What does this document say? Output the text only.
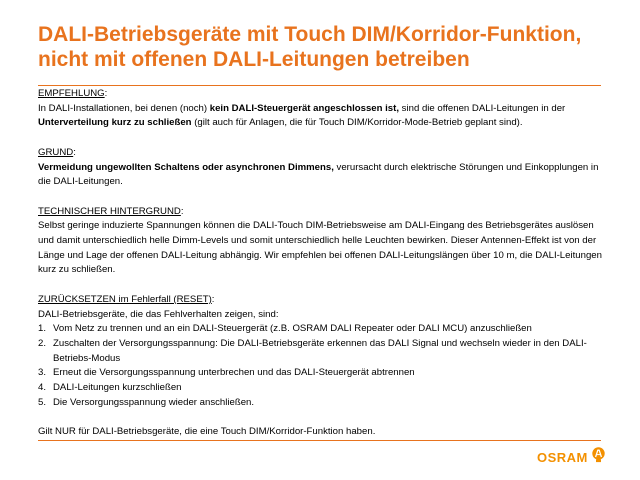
DALI-Betriebsgeräte mit Touch DIM/Korridor-Funktion,
nicht mit offenen DALI-Leitungen betreiben

EMPFEHLUNG:

In DALI-Installationen, bei denen (noch) kein DALI-Steuergerät angeschlossen ist, sind die offenen DALI-Leitungen in der Unterverteilung kurz zu schließen (gilt auch für Anlagen, die für Touch DIM/Korridor-Mode-Betrieb geplant sind).

GRUND:

Vermeidung ungewollten Schaltens oder asynchronen Dimmens, verursacht durch elektrische Störungen und Einkopplungen in die DALI-Leitungen.

TECHNISCHER HINTERGRUND:

Selbst geringe induzierte Spannungen können die DALI-Touch DIM-Betriebsweise am DALI-Eingang des Betriebsgerätes auslösen und damit unterschiedlich helle Dimm-Levels und somit unterschiedlich helle Leuchten bewirken. Dieser Antennen-Effekt ist von der Länge und Lage der offenen DALI-Leitung abhängig. Wir empfehlen bei offenen DALI-Leitungslängen über 10 m, die DALI-Leitungen kurz zu schließen.

ZURÜCKSETZEN im Fehlerfall (RESET):

DALI-Betriebsgeräte, die das Fehlverhalten zeigen, sind:

1. Vom Netz zu trennen und an ein DALI-Steuergerät (z.B. OSRAM DALI Repeater oder DALI MCU) anzuschließen
2. Zuschalten der Versorgungsspannung: Die DALI-Betriebsgeräte erkennen das DALI Signal und wechseln wieder in den DALI-Betriebs-Modus
3. Erneut die Versorgungsspannung unterbrechen und das DALI-Steuergerät abtrennen
4. DALI-Leitungen kurzschließen
5. Die Versorgungsspannung wieder anschließen.

Gilt NUR für DALI-Betriebsgeräte, die eine Touch DIM/Korridor-Funktion haben.

OSRAM
